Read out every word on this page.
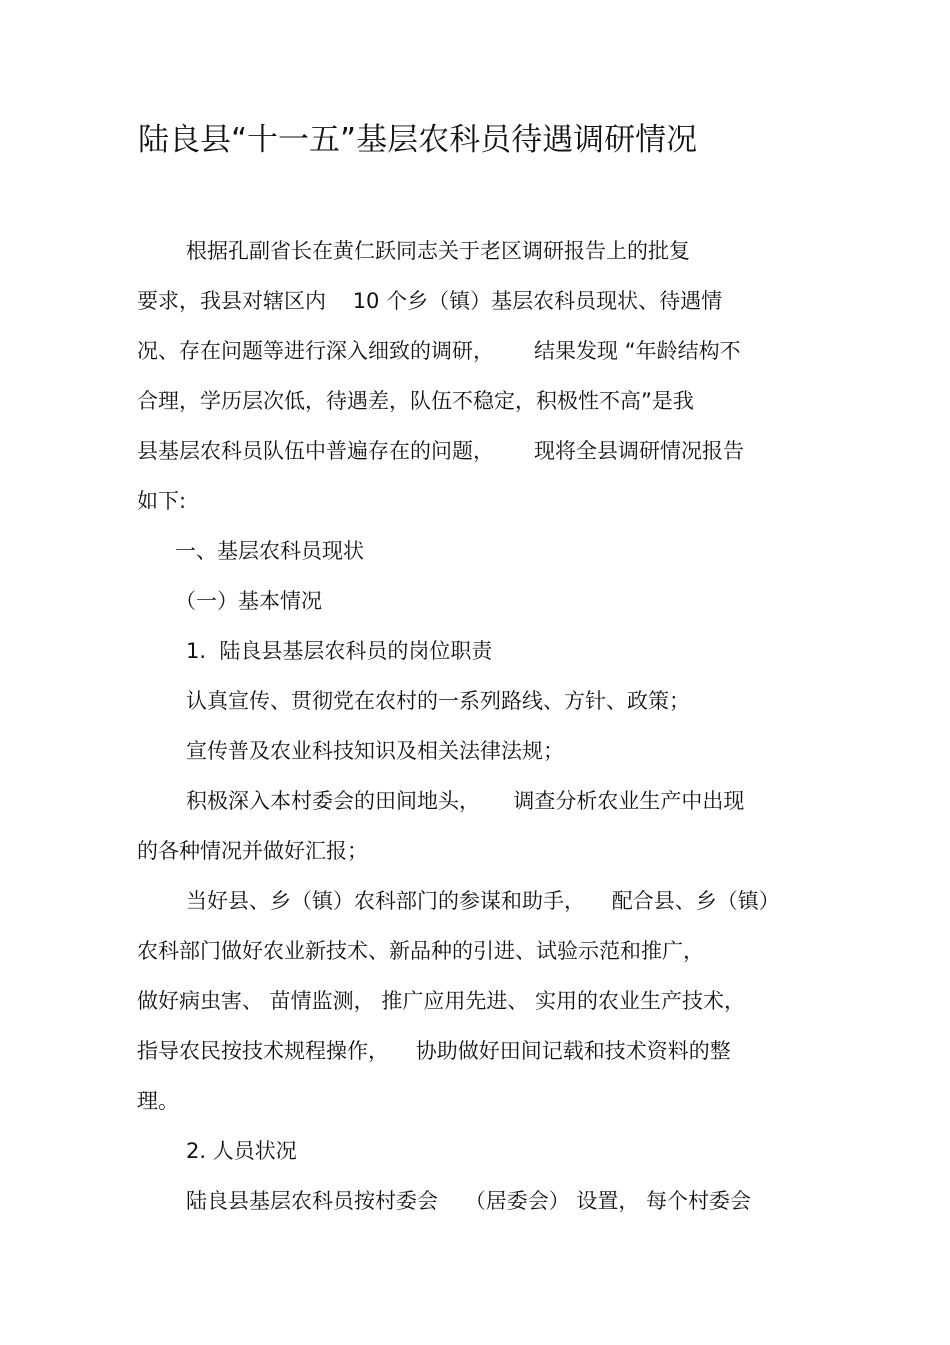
陆良县“十一五”基层农科员待遇调研情况
根据孔副省长在黄仁跃同志关于老区调研报告上的批复
要求，我县对辖区内    10 个乡（镇）基层农科员现状、待遇情
况、存在问题等进行深入细致的调研，      结果发现 “年龄结构不
合理，学历层次低，待遇差，队伍不稳定，积极性不高”是我
县基层农科员队伍中普遍存在的问题，      现将全县调研情况报告
如下:
一、基层农科员现状
（一）基本情况
1.  陆良县基层农科员的岗位职责
认真宣传、贯彻党在农村的一系列路线、方针、政策；
宣传普及农业科技知识及相关法律法规；
积极深入本村委会的田间地头，     调查分析农业生产中出现
的各种情况并做好汇报；
当好县、乡（镇）农科部门的参谋和助手，    配合县、乡（镇）
农科部门做好农业新技术、新品种的引进、试验示范和推广，
做好病虫害、 苗情监测， 推广应用先进、 实用的农业生产技术，
指导农民按技术规程操作，    协助做好田间记载和技术资料的整
理。
2. 人员状况
陆良县基层农科员按村委会    （居委会） 设置， 每个村委会
